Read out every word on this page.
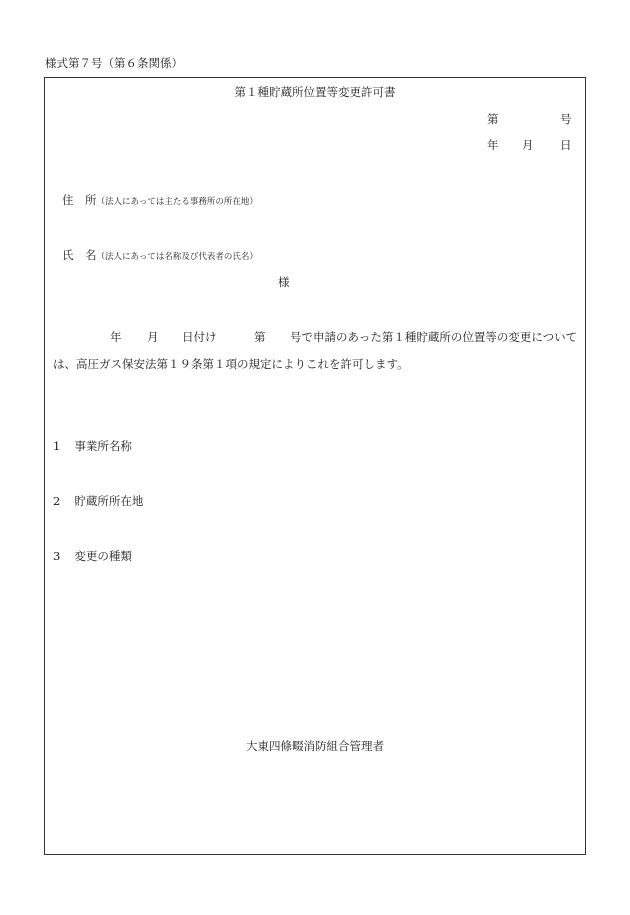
様式第７号（第６条関係）
第１種貯蔵所位置等変更許可書
第	号
年 月 日
住　所（法人にあっては主たる事務所の所在地）
氏　名（法人にあっては名称及び代表者の氏名）
様
年 月 日付け	第 号で申請のあった第１種貯蔵所の位置等の変更について
は、高圧ガス保安法第１９条第１項の規定によりこれを許可します。
1 事業所名称
2 貯蔵所所在地
3 変更の種類
大東四條畷消防組合管理者
